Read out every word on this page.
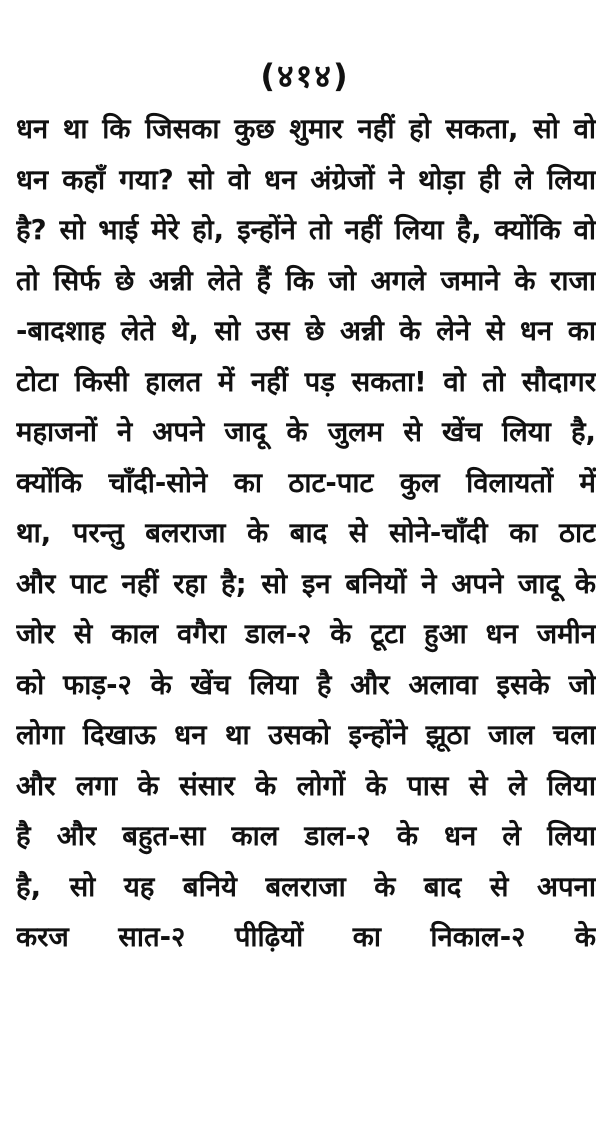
(४१४)
धन था कि जिसका कुछ शुमार नहीं हो सकता, सो वो
धन कहाँ गया? सो वो धन अंग्रेजों ने थोड़ा ही ले लिया
है? सो भाई मेरे हो, इन्होंने तो नहीं लिया है, क्योंकि वो
तो सिर्फ छे अन्नी लेते हैं कि जो अगले जमाने के राजा
-बादशाह लेते थे, सो उस छे अन्नी के लेने से धन का
टोटा किसी हालत में नहीं पड़ सकता! वो तो सौदागर
महाजनों ने अपने जादू के जुलम से खेंच लिया है,
क्योंकि चाँदी-सोने का ठाट-पाट कुल विलायतों में
था, परन्तु बलराजा के बाद से सोने-चाँदी का ठाट
और पाट नहीं रहा है; सो इन बनियों ने अपने जादू के
जोर से काल वगैरा डाल-२ के टूटा हुआ धन जमीन
को फाड़-२ के खेंच लिया है और अलावा इसके जो
लोगा दिखाऊ धन था उसको इन्होंने झूठा जाल चला
और लगा के संसार के लोगों के पास से ले लिया
है और बहुत-सा काल डाल-२ के धन ले लिया
है, सो यह बनिये बलराजा के बाद से अपना
करज सात-२ पीढ़ियों का निकाल-२ के
